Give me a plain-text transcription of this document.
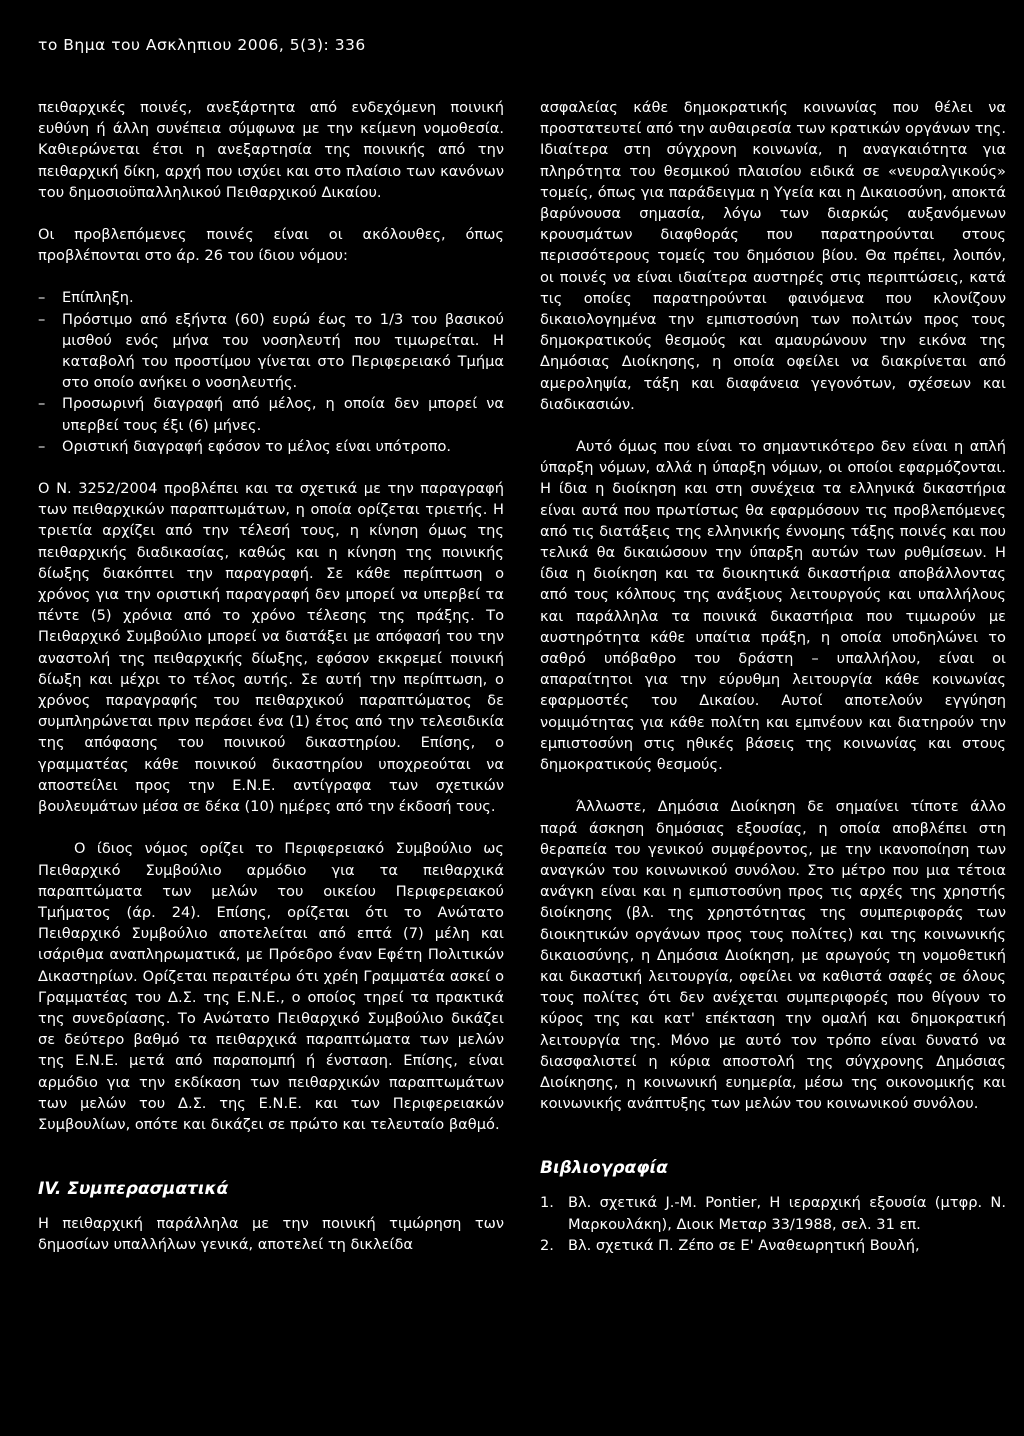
το Βημα του Ασκληπιου 2006, 5(3): 336

πειθαρχικές ποινές, ανεξάρτητα από ενδεχόμενη ποινική ευθύνη ή άλλη συνέπεια σύμφωνα με την κείμενη νομοθεσία. Καθιερώνεται έτσι η ανεξαρτησία της ποινικής από την πειθαρχική δίκη, αρχή που ισχύει και στο πλαίσιο των κανόνων του δημοσιοϋπαλληλικού Πειθαρχικού Δικαίου.

Οι προβλεπόμενες ποινές είναι οι ακόλουθες, όπως προβλέπονται στο άρ. 26 του ίδιου νόμου:

– Επίπληξη.
– Πρόστιμο από εξήντα (60) ευρώ έως το 1/3 του βασικού μισθού ενός μήνα του νοσηλευτή που τιμωρείται. Η καταβολή του προστίμου γίνεται στο Περιφερειακό Τμήμα στο οποίο ανήκει ο νοσηλευτής.
– Προσωρινή διαγραφή από μέλος, η οποία δεν μπορεί να υπερβεί τους έξι (6) μήνες.
– Οριστική διαγραφή εφόσον το μέλος είναι υπότροπο.

Ο Ν. 3252/2004 προβλέπει και τα σχετικά με την παραγραφή των πειθαρχικών παραπτωμάτων, η οποία ορίζεται τριετής. Η τριετία αρχίζει από την τέλεσή τους, η κίνηση όμως της πειθαρχικής διαδικασίας, καθώς και η κίνηση της ποινικής δίωξης διακόπτει την παραγραφή. Σε κάθε περίπτωση ο χρόνος για την οριστική παραγραφή δεν μπορεί να υπερβεί τα πέντε (5) χρόνια από το χρόνο τέλεσης της πράξης. Το Πειθαρχικό Συμβούλιο μπορεί να διατάξει με απόφασή του την αναστολή της πειθαρχικής δίωξης, εφόσον εκκρεμεί ποινική δίωξη και μέχρι το τέλος αυτής. Σε αυτή την περίπτωση, ο χρόνος παραγραφής του πειθαρχικού παραπτώματος δε συμπληρώνεται πριν περάσει ένα (1) έτος από την τελεσιδικία της απόφασης του ποινικού δικαστηρίου. Επίσης, ο γραμματέας κάθε ποινικού δικαστηρίου υποχρεούται να αποστείλει προς την Ε.Ν.Ε. αντίγραφα των σχετικών βουλευμάτων μέσα σε δέκα (10) ημέρες από την έκδοσή τους.

Ο ίδιος νόμος ορίζει το Περιφερειακό Συμβούλιο ως Πειθαρχικό Συμβούλιο αρμόδιο για τα πειθαρχικά παραπτώματα των μελών του οικείου Περιφερειακού Τμήματος (άρ. 24). Επίσης, ορίζεται ότι το Ανώτατο Πειθαρχικό Συμβούλιο αποτελείται από επτά (7) μέλη και ισάριθμα αναπληρωματικά, με Πρόεδρο έναν Εφέτη Πολιτικών Δικαστηρίων. Ορίζεται περαιτέρω ότι χρέη Γραμματέα ασκεί ο Γραμματέας του Δ.Σ. της Ε.Ν.Ε., ο οποίος τηρεί τα πρακτικά της συνεδρίασης. Το Ανώτατο Πειθαρχικό Συμβούλιο δικάζει σε δεύτερο βαθμό τα πειθαρχικά παραπτώματα των μελών της Ε.Ν.Ε. μετά από παραπομπή ή ένσταση. Επίσης, είναι αρμόδιο για την εκδίκαση των πειθαρχικών παραπτωμάτων των μελών του Δ.Σ. της Ε.Ν.Ε. και των Περιφερειακών Συμβουλίων, οπότε και δικάζει σε πρώτο και τελευταίο βαθμό.

IV. Συμπερασματικά

Η πειθαρχική παράλληλα με την ποινική τιμώρηση των δημοσίων υπαλλήλων γενικά, αποτελεί τη δικλείδα

ασφαλείας κάθε δημοκρατικής κοινωνίας που θέλει να προστατευτεί από την αυθαιρεσία των κρατικών οργάνων της. Ιδιαίτερα στη σύγχρονη κοινωνία, η αναγκαιότητα για πληρότητα του θεσμικού πλαισίου ειδικά σε «νευραλγικούς» τομείς, όπως για παράδειγμα η Υγεία και η Δικαιοσύνη, αποκτά βαρύνουσα σημασία, λόγω των διαρκώς αυξανόμενων κρουσμάτων διαφθοράς που παρατηρούνται στους περισσότερους τομείς του δημόσιου βίου. Θα πρέπει, λοιπόν, οι ποινές να είναι ιδιαίτερα αυστηρές στις περιπτώσεις, κατά τις οποίες παρατηρούνται φαινόμενα που κλονίζουν δικαιολογημένα την εμπιστοσύνη των πολιτών προς τους δημοκρατικούς θεσμούς και αμαυρώνουν την εικόνα της Δημόσιας Διοίκησης, η οποία οφείλει να διακρίνεται από αμεροληψία, τάξη και διαφάνεια γεγονότων, σχέσεων και διαδικασιών.

Αυτό όμως που είναι το σημαντικότερο δεν είναι η απλή ύπαρξη νόμων, αλλά η ύπαρξη νόμων, οι οποίοι εφαρμόζονται. Η ίδια η διοίκηση και στη συνέχεια τα ελληνικά δικαστήρια είναι αυτά που πρωτίστως θα εφαρμόσουν τις προβλεπόμενες από τις διατάξεις της ελληνικής έννομης τάξης ποινές και που τελικά θα δικαιώσουν την ύπαρξη αυτών των ρυθμίσεων. Η ίδια η διοίκηση και τα διοικητικά δικαστήρια αποβάλλοντας από τους κόλπους της ανάξιους λειτουργούς και υπαλλήλους και παράλληλα τα ποινικά δικαστήρια που τιμωρούν με αυστηρότητα κάθε υπαίτια πράξη, η οποία υποδηλώνει το σαθρό υπόβαθρο του δράστη – υπαλλήλου, είναι οι απαραίτητοι για την εύρυθμη λειτουργία κάθε κοινωνίας εφαρμοστές του Δικαίου. Αυτοί αποτελούν εγγύηση νομιμότητας για κάθε πολίτη και εμπνέουν και διατηρούν την εμπιστοσύνη στις ηθικές βάσεις της κοινωνίας και στους δημοκρατικούς θεσμούς.

Άλλωστε, Δημόσια Διοίκηση δε σημαίνει τίποτε άλλο παρά άσκηση δημόσιας εξουσίας, η οποία αποβλέπει στη θεραπεία του γενικού συμφέροντος, με την ικανοποίηση των αναγκών του κοινωνικού συνόλου. Στο μέτρο που μια τέτοια ανάγκη είναι και η εμπιστοσύνη προς τις αρχές της χρηστής διοίκησης (βλ. της χρηστότητας της συμπεριφοράς των διοικητικών οργάνων προς τους πολίτες) και της κοινωνικής δικαιοσύνης, η Δημόσια Διοίκηση, με αρωγούς τη νομοθετική και δικαστική λειτουργία, οφείλει να καθιστά σαφές σε όλους τους πολίτες ότι δεν ανέχεται συμπεριφορές που θίγουν το κύρος της και κατ' επέκταση την ομαλή και δημοκρατική λειτουργία της. Μόνο με αυτό τον τρόπο είναι δυνατό να διασφαλιστεί η κύρια αποστολή της σύγχρονης Δημόσιας Διοίκησης, η κοινωνική ευημερία, μέσω της οικονομικής και κοινωνικής ανάπτυξης των μελών του κοινωνικού συνόλου.

Βιβλιογραφία
1. Βλ. σχετικά J.-M. Pontier, Η ιεραρχική εξουσία (μτφρ. Ν. Μαρκουλάκη), Διοικ Μεταρ 33/1988, σελ. 31 επ.
2. Βλ. σχετικά Π. Ζέπο σε Ε' Αναθεωρητική Βουλή,
